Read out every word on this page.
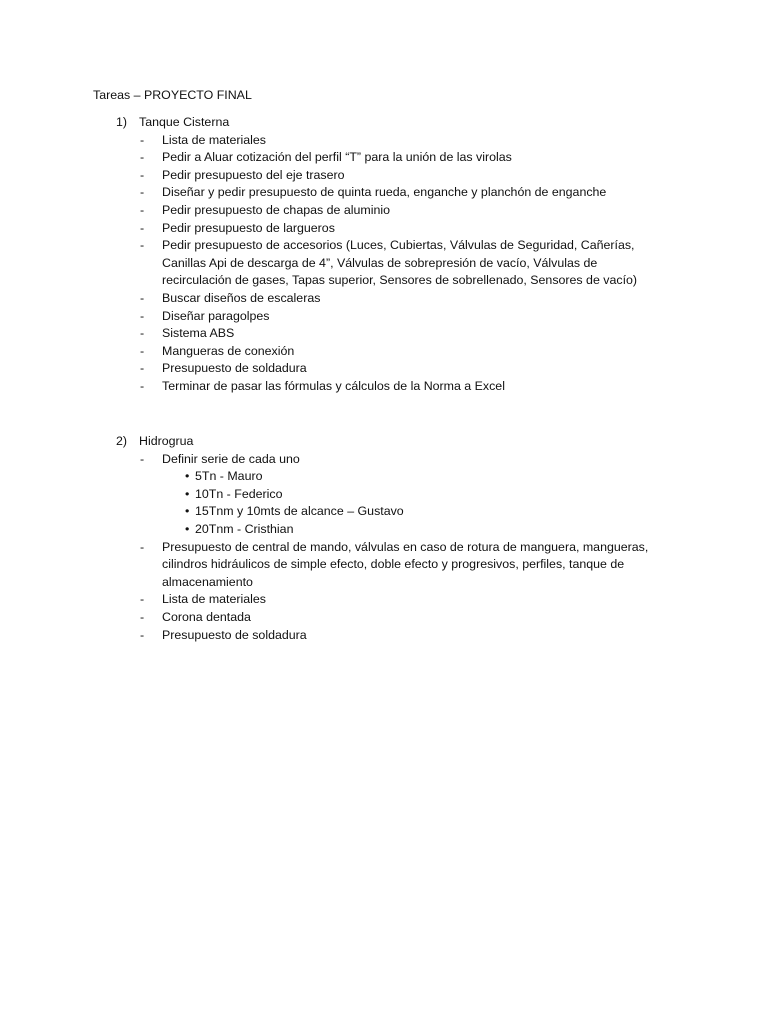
Tareas – PROYECTO FINAL
1) Tanque Cisterna
- Lista de materiales
- Pedir a Aluar cotización del perfil “T” para la unión de las virolas
- Pedir presupuesto del eje trasero
- Diseñar y pedir presupuesto de quinta rueda, enganche y planchón de enganche
- Pedir presupuesto de chapas de aluminio
- Pedir presupuesto de largueros
- Pedir presupuesto de accesorios (Luces, Cubiertas, Válvulas de Seguridad, Cañerías,
Canillas Api de descarga de 4”, Válvulas de sobrepresión de vacío, Válvulas de
recirculación de gases, Tapas superior, Sensores de sobrellenado, Sensores de vacío)
- Buscar diseños de escaleras
- Diseñar paragolpes
- Sistema ABS
- Mangueras de conexión
- Presupuesto de soldadura
- Terminar de pasar las fórmulas y cálculos de la Norma a Excel
2) Hidrogrua
- Definir serie de cada uno
• 5Tn - Mauro
• 10Tn - Federico
• 15Tnm y 10mts de alcance – Gustavo
• 20Tnm - Cristhian
- Presupuesto de central de mando, válvulas en caso de rotura de manguera, mangueras,
cilindros hidráulicos de simple efecto, doble efecto y progresivos, perfiles, tanque de
almacenamiento
- Lista de materiales
- Corona dentada
- Presupuesto de soldadura
